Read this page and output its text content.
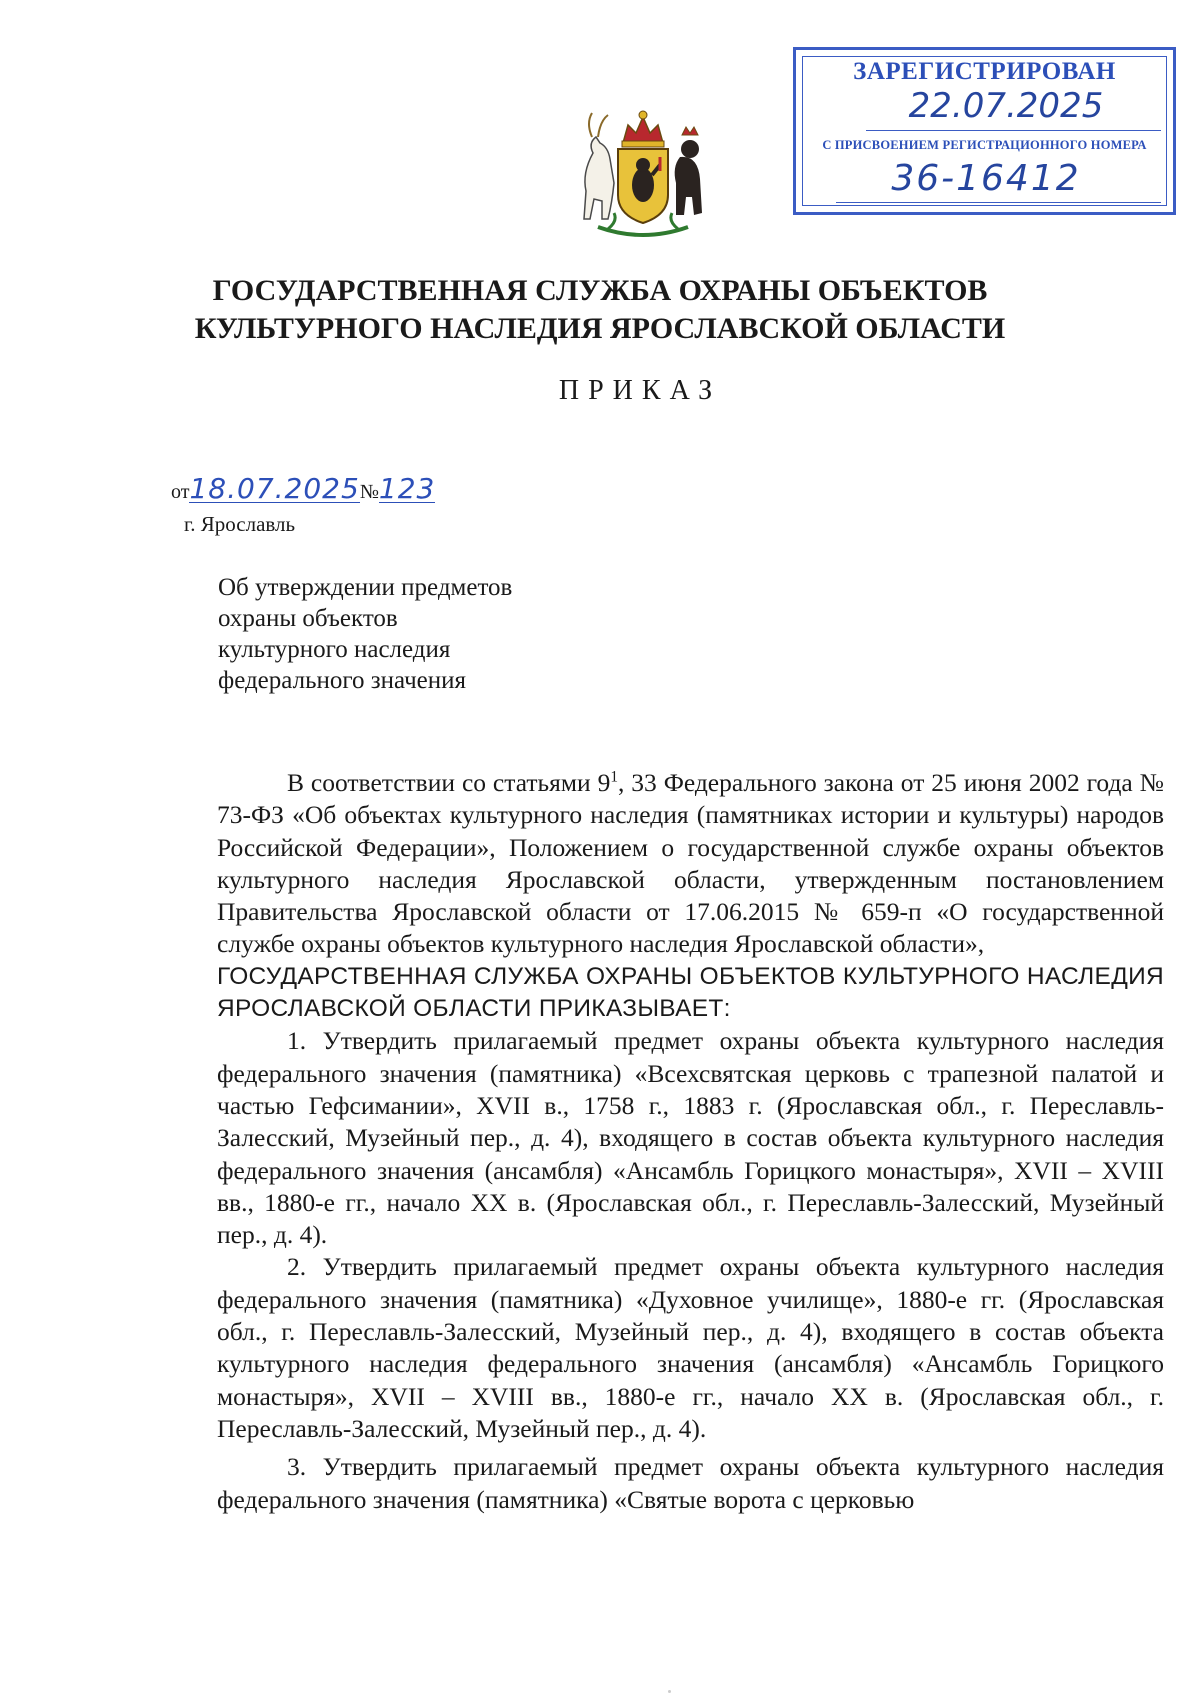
ЗАРЕГИСТРИРОВАН
22.07.2025
С ПРИСВОЕНИЕМ РЕГИСТРАЦИОННОГО НОМЕРА
36-16412
ГОСУДАРСТВЕННАЯ СЛУЖБА ОХРАНЫ ОБЪЕКТОВ
КУЛЬТУРНОГО НАСЛЕДИЯ ЯРОСЛАВСКОЙ ОБЛАСТИ
ПРИКАЗ
от18.07.2025№123
г. Ярославль
Об утверждении предметов
охраны объектов
культурного наследия
федерального значения

В соответствии со статьями $9^1$, 33 Федерального закона от 25 июня 2002 года № 73-ФЗ «Об объектах культурного наследия (памятниках истории и культуры) народов Российской Федерации», Положением о государственной службе охраны объектов культурного наследия Ярославской области, утвержденным постановлением Правительства Ярославской области от 17.06.2015 № 659-п «О государственной службе охраны объектов культурного наследия Ярославской области»,

ГОСУДАРСТВЕННАЯ СЛУЖБА ОХРАНЫ ОБЪЕКТОВ КУЛЬТУРНОГО НАСЛЕДИЯ ЯРОСЛАВСКОЙ ОБЛАСТИ ПРИКАЗЫВАЕТ:

1. Утвердить прилагаемый предмет охраны объекта культурного наследия федерального значения (памятника) «Всехсвятская церковь с трапезной палатой и частью Гефсимании», XVII в., 1758 г., 1883 г. (Ярославская обл., г. Переславль-Залесский, Музейный пер., д. 4), входящего в состав объекта культурного наследия федерального значения (ансамбля) «Ансамбль Горицкого монастыря», XVII – XVIII вв., 1880-е гг., начало XX в. (Ярославская обл., г. Переславль-Залесский, Музейный пер., д. 4).

2. Утвердить прилагаемый предмет охраны объекта культурного наследия федерального значения (памятника) «Духовное училище», 1880-е гг. (Ярославская обл., г. Переславль-Залесский, Музейный пер., д. 4), входящего в состав объекта культурного наследия федерального значения (ансамбля) «Ансамбль Горицкого монастыря», XVII – XVIII вв., 1880-е гг., начало XX в. (Ярославская обл., г. Переславль-Залесский, Музейный пер., д. 4).

3. Утвердить прилагаемый предмет охраны объекта культурного наследия федерального значения (памятника) «Святые ворота с церковью
